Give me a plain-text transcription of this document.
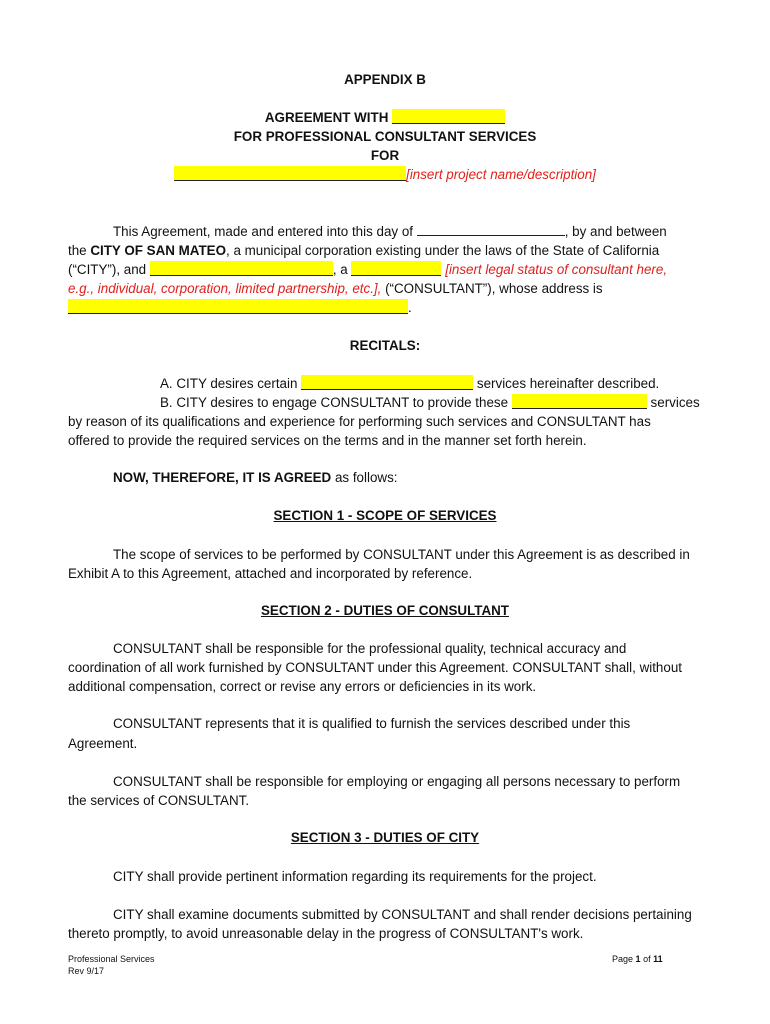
APPENDIX B
AGREEMENT WITH
FOR PROFESSIONAL CONSULTANT SERVICES
FOR
[insert project name/description]
This Agreement, made and entered into this day of	, by and between
the CITY OF SAN MATEO, a municipal corporation existing under the laws of the State of California
(“CITY”), and	, a	[insert legal status of consultant here,
e.g., individual, corporation, limited partnership, etc.], (“CONSULTANT”), whose address is
.
RECITALS:
A. CITY desires certain	services hereinafter described.
B. CITY desires to engage CONSULTANT to provide these	services
by reason of its qualifications and experience for performing such services and CONSULTANT has
offered to provide the required services on the terms and in the manner set forth herein.
NOW, THEREFORE, IT IS AGREED as follows:
SECTION 1 - SCOPE OF SERVICES
The scope of services to be performed by CONSULTANT under this Agreement is as described in
Exhibit A to this Agreement, attached and incorporated by reference.
SECTION 2 - DUTIES OF CONSULTANT
CONSULTANT shall be responsible for the professional quality, technical accuracy and
coordination of all work furnished by CONSULTANT under this Agreement. CONSULTANT shall, without
additional compensation, correct or revise any errors or deficiencies in its work.
CONSULTANT represents that it is qualified to furnish the services described under this
Agreement.
CONSULTANT shall be responsible for employing or engaging all persons necessary to perform
the services of CONSULTANT.
SECTION 3 - DUTIES OF CITY
CITY shall provide pertinent information regarding its requirements for the project.
CITY shall examine documents submitted by CONSULTANT and shall render decisions pertaining
thereto promptly, to avoid unreasonable delay in the progress of CONSULTANT's work.
Professional Services
Rev 9/17
Page 1 of 11
